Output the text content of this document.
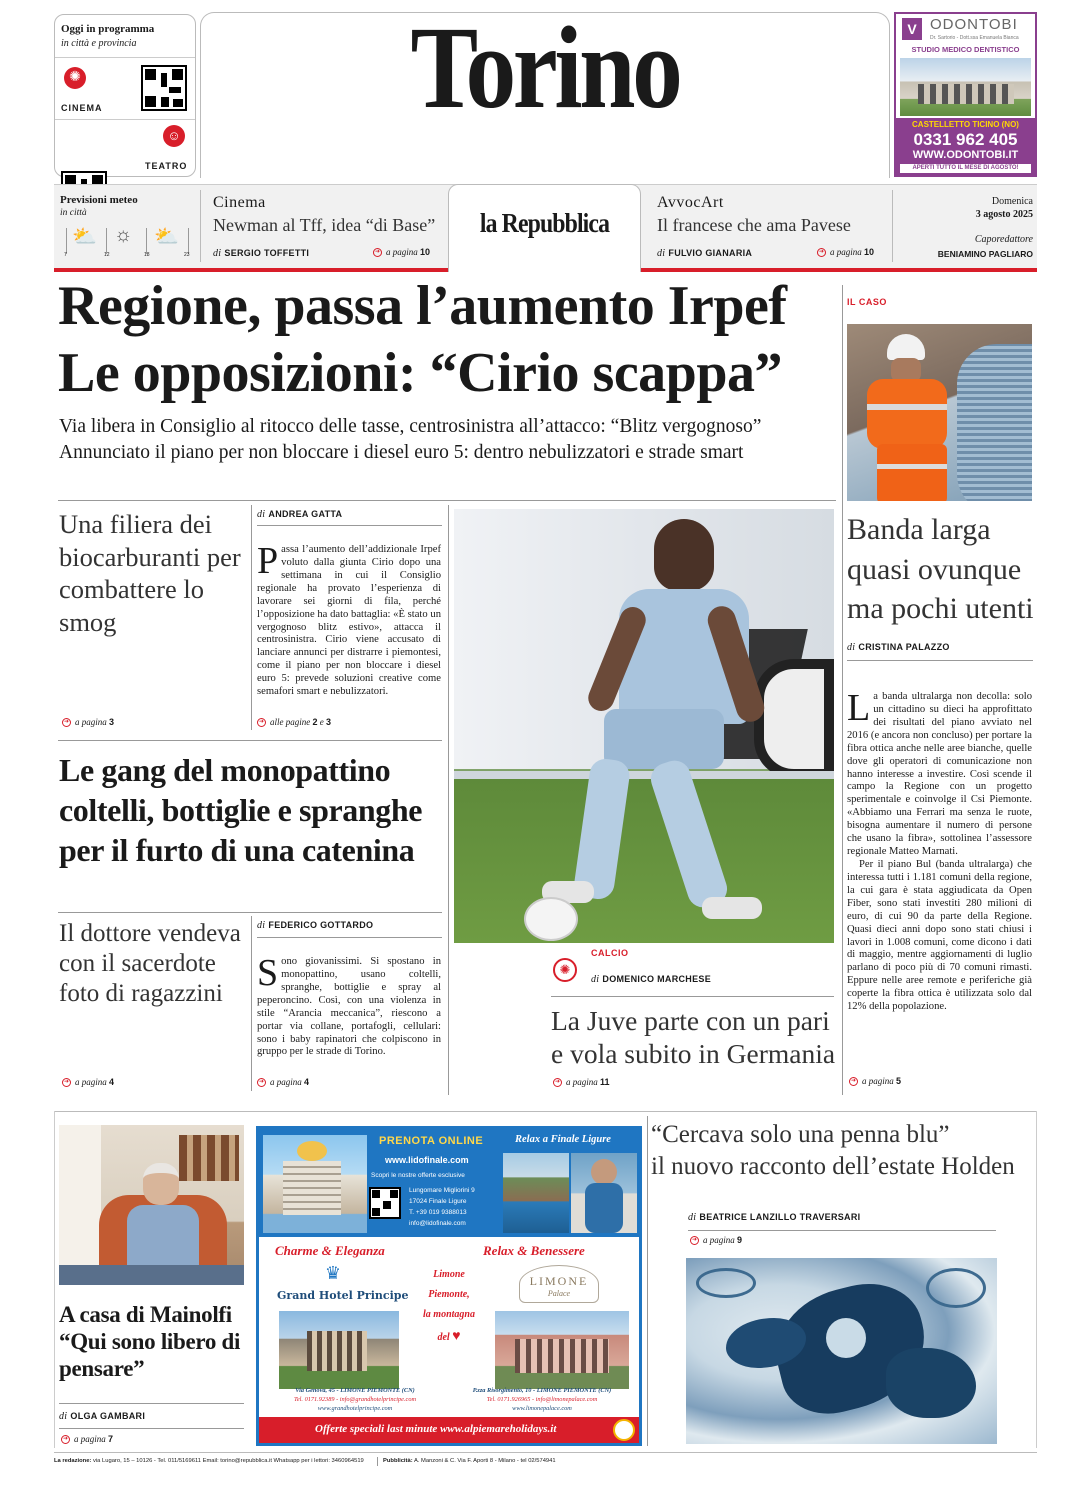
Oggi in programma
in città e provincia
✺
CINEMA
☺
TEATRO
Torino	V ODONTOBI
Dr. Sartorio - Dott.ssa Emanuela Bianca
STUDIO MEDICO DENTISTICO
CASTELLETTO TICINO (NO)
0331 962 405
WWW.ODONTOBI.IT
APERTI TUTTO IL MESE DI AGOSTO!
Previsioni meteo
in città
⛅ ☼ ⛅
7	12	18	23
Cinema
Newman al Tff, idea “di Base”
di SERGIO TOFFETTI	➜ a pagina 10
la Repubblica
AvvocArt
Il francese che ama Pavese
di FULVIO GIANARIA	➜ a pagina 10
Domenica
3 agosto 2025
Caporedattore
BENIAMINO PAGLIARO
Regione, passa l’aumento Irpef
Le opposizioni: “Cirio scappa”
Via libera in Consiglio al ritocco delle tasse, centrosinistra all’attacco: “Blitz vergognoso”
Annunciato il piano per non bloccare i diesel euro 5: dentro nebulizzatori e strade smart
Una filiera dei biocarburanti per combattere lo smog
➜ a pagina 3
di ANDREA GATTA
Passa l’aumento dell’addizionale Irpef voluto dalla giunta Cirio dopo una settimana in cui il Consiglio regionale ha provato l’esperienza di lavorare sei giorni di fila, perché l’opposizione ha dato battaglia: «È stato un vergognoso blitz estivo», attacca il centrosinistra. Cirio viene accusato di lanciare annunci per distrarre i piemontesi, come il piano per non bloccare i diesel euro 5: prevede soluzioni creative come semafori smart e nebulizzatori.
➜ alle pagine 2 e 3
Le gang del monopattino coltelli, bottiglie e spranghe per il furto di una catenina
Il dottore vendeva con il sacerdote foto di ragazzini
➜ a pagina 4
di FEDERICO GOTTARDO
Sono giovanissimi. Si spostano in monopattino, usano coltelli, spranghe, bottiglie e spray al peperoncino. Così, con una violenza in stile “Arancia meccanica”, riescono a portar via collane, portafogli, cellulari: sono i baby rapinatori che colpiscono in gruppo per le strade di Torino.
➜ a pagina 4
✺
CALCIO
di DOMENICO MARCHESE
La Juve parte con un pari e vola subito in Germania
➜ a pagina 11
IL CASO
Banda larga quasi ovunque ma pochi utenti
di CRISTINA PALAZZO
La banda ultralarga non decolla: solo un cittadino su dieci ha approfittato dei risultati del piano avviato nel 2016 (e ancora non concluso) per portare la fibra ottica anche nelle aree bianche, quelle dove gli operatori di comunicazione non hanno interesse a investire. Così scende il campo la Regione con un progetto sperimentale e coinvolge il Csi Piemonte. «Abbiamo una Ferrari ma senza le ruote, bisogna aumentare il numero di persone che usano la fibra», sottolinea l’assessore regionale Matteo Marnati.
Per il piano Bul (banda ultralarga) che interessa tutti i 1.181 comuni della regione, la cui gara è stata aggiudicata da Open Fiber, sono stati investiti 280 milioni di euro, di cui 90 da parte della Regione. Quasi dieci anni dopo sono stati chiusi i lavori in 1.008 comuni, come dicono i dati di maggio, mentre aggiornamenti di luglio parlano di poco più di 70 comuni rimasti. Eppure nelle aree remote e periferiche già coperte la fibra ottica è utilizzata solo dal 12% della popolazione.
➜ a pagina 5
A casa di Mainolfi “Qui sono libero di pensare”
di OLGA GAMBARI
➜ a pagina 7
PRENOTA ONLINE	Relax a Finale Ligure
www.lidofinale.com
Scopri le nostre offerte esclusive
Lungomare Migliorini 9
17024 Finale Ligure
T. +39 019 9388013
info@lidofinale.com
Charme & Eleganza	Relax & Benessere
♛
Grand Hotel Principe
Limone
Piemonte,
la montagna
del ♥
LIMONE
Palace
Via Genova, 45 - LIMONE PIEMONTE (CN)
Tel. 0171.92389 - info@grandhotelprincipe.com
www.grandhotelprincipe.com
P.zza Risorgimento, 10 - LIMONE PIEMONTE (CN)
Tel. 0171.926965 - info@limonepalace.com
www.limonepalace.com
Offerte speciali last minute www.alpiemareholidays.it
“Cercava solo una penna blu”
il nuovo racconto dell’estate Holden
di BEATRICE LANZILLO TRAVERSARI
➜ a pagina 9
La redazione: via Lugaro, 15 – 10126 - Tel. 011/5169611 Email: torino@repubblica.it Whatsapp per i lettori: 3460964519	Pubblicità: A. Manzoni & C. Via F. Aporti 8 - Milano - tel 02/574941
